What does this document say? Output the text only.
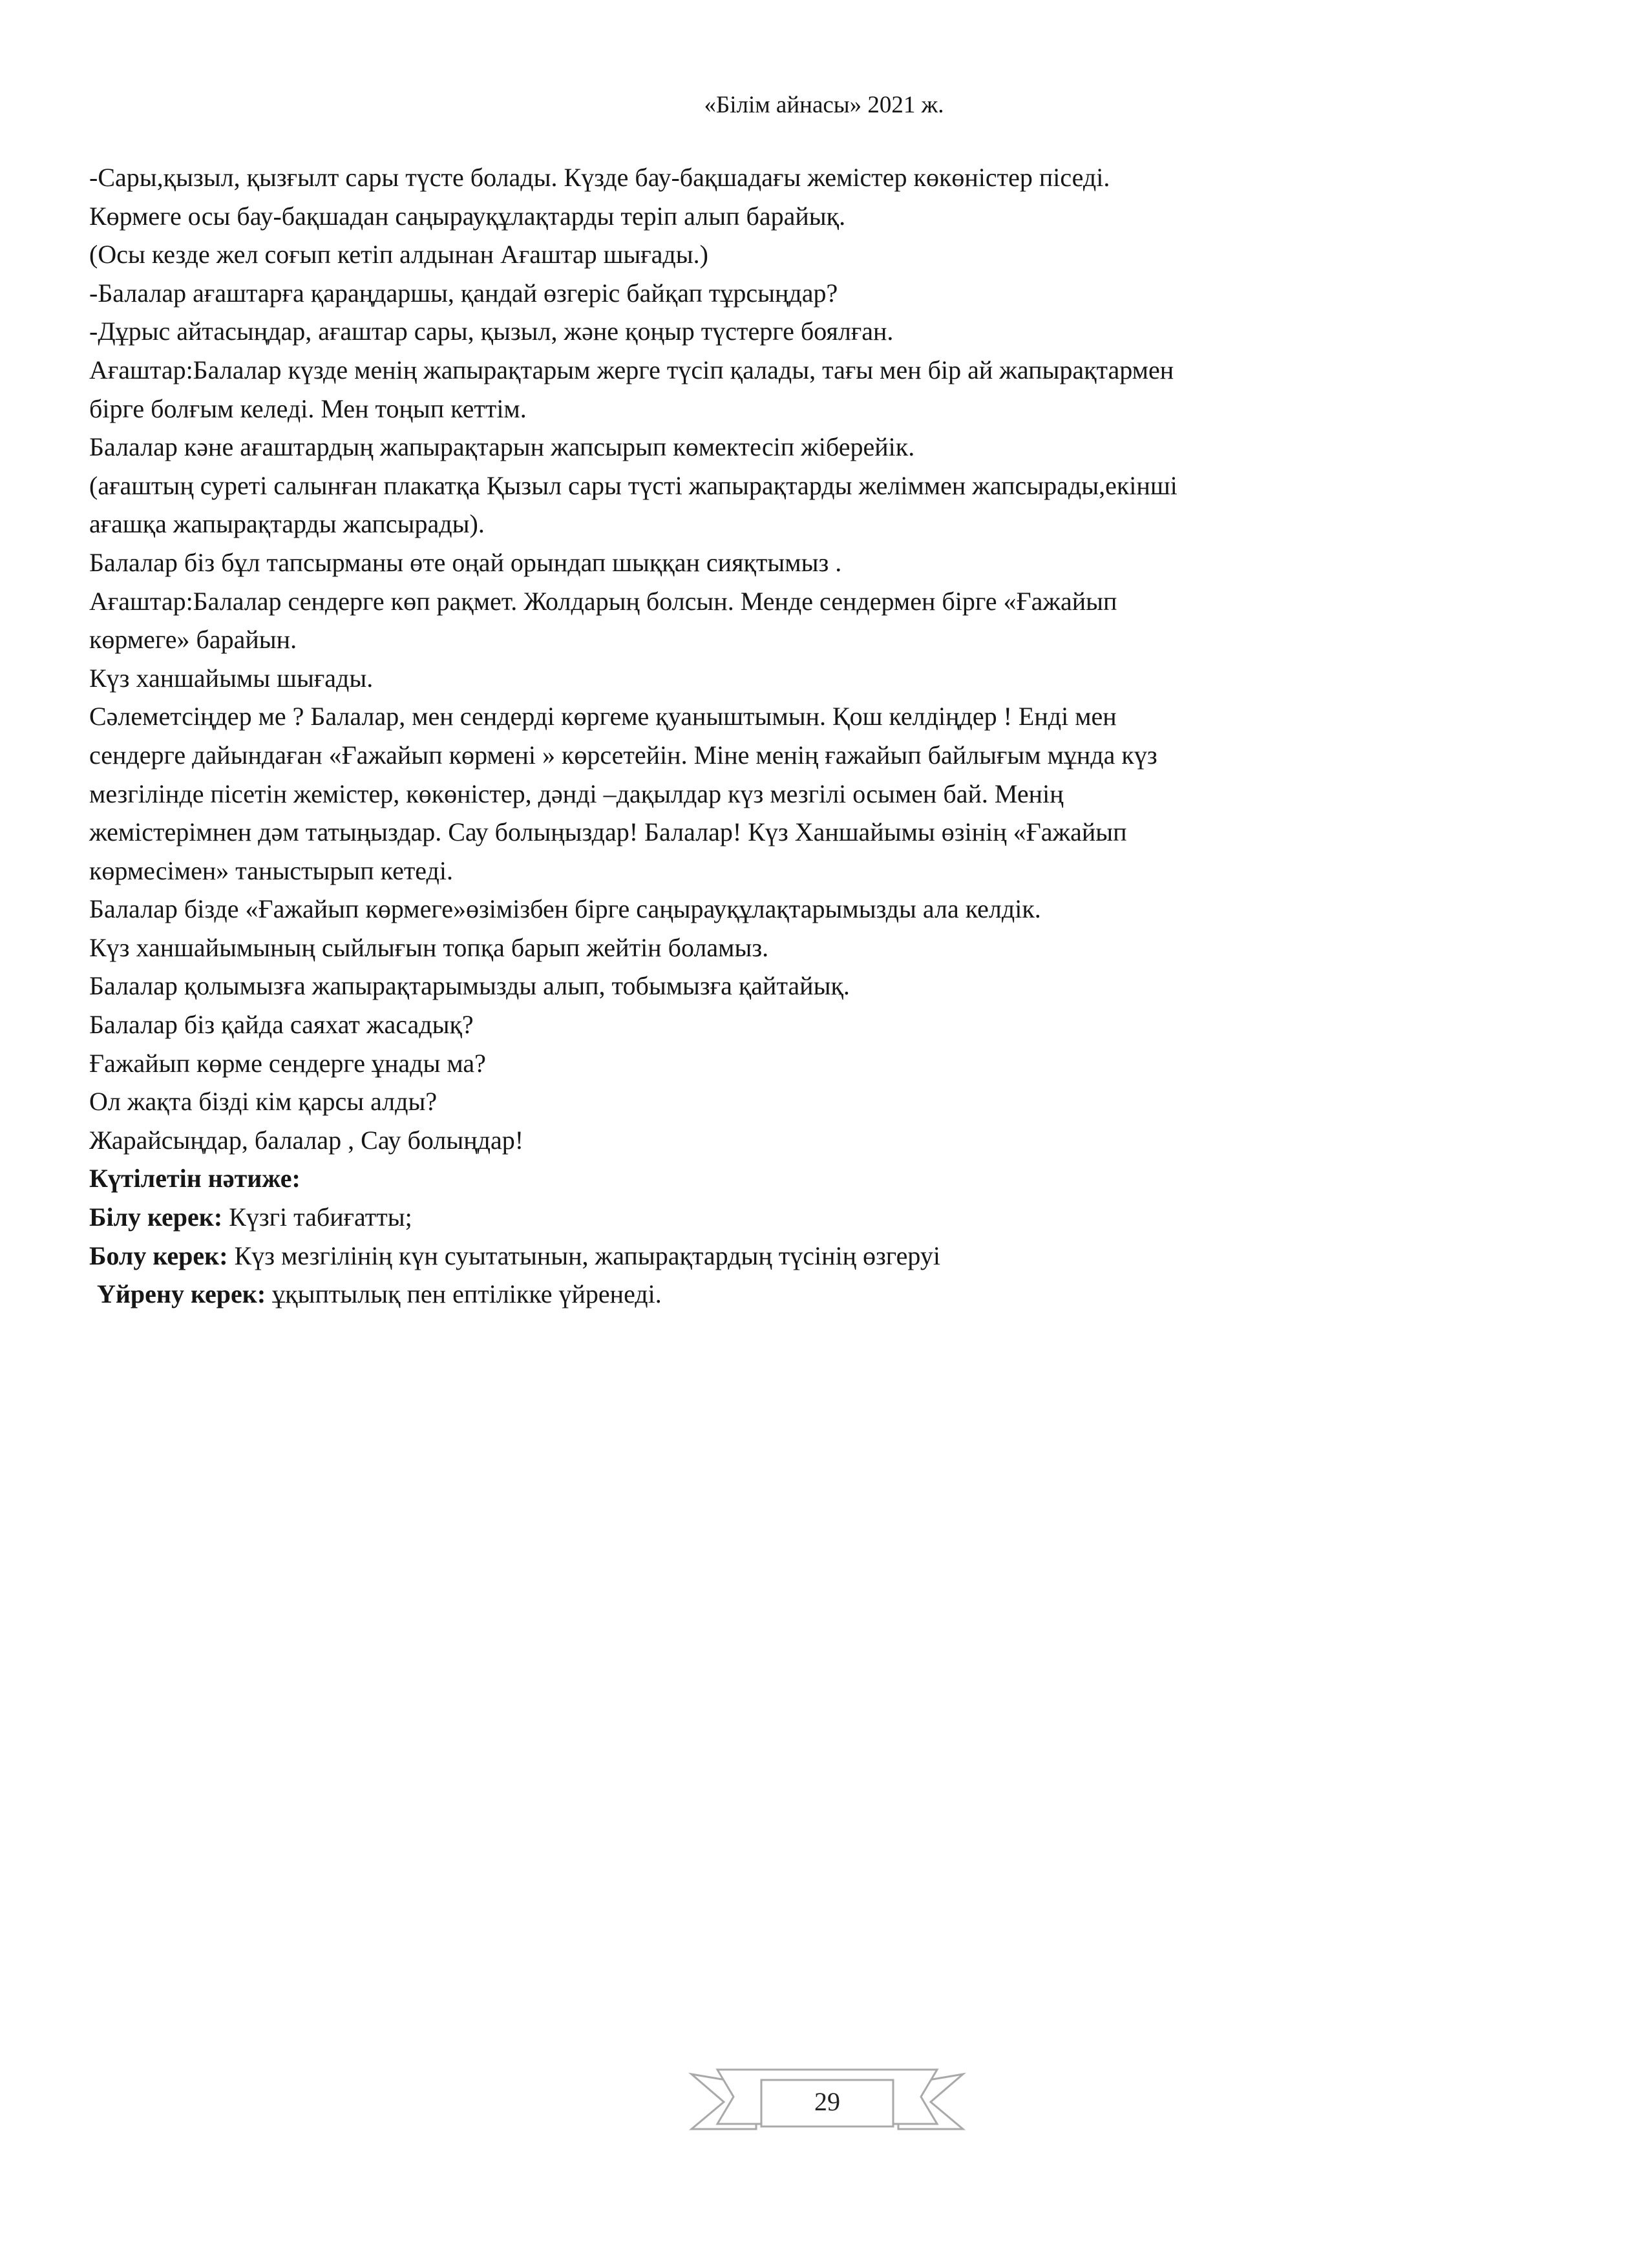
«Білім айнасы» 2021 ж.
-Сары,қызыл, қызғылт сары түсте болады. Күзде бау-бақшадағы жемістер көкөністер піседі.
Көрмеге осы бау-бақшадан саңырауқұлақтарды теріп алып барайық.
(Осы кезде жел соғып кетіп алдынан Ағаштар шығады.)
-Балалар ағаштарға қараңдаршы, қандай өзгеріс байқап тұрсыңдар?
-Дұрыс айтасыңдар, ағаштар сары, қызыл, және қоңыр түстерге боялған.
Ағаштар:Балалар күзде менің жапырақтарым жерге түсіп қалады, тағы мен бір ай жапырақтармен
бірге болғым келеді. Мен тоңып кеттім.
Балалар кәне ағаштардың жапырақтарын жапсырып көмектесіп жіберейік.
(ағаштың суреті салынған плакатқа Қызыл сары түсті жапырақтарды желіммен жапсырады,екінші
ағашқа жапырақтарды жапсырады).
Балалар біз бұл тапсырманы өте оңай орындап шыққан сияқтымыз .
Ағаштар:Балалар сендерге көп рақмет. Жолдарың болсын. Менде сендермен бірге «Ғажайып
көрмеге» барайын.
Күз ханшайымы шығады.
Сәлеметсіңдер ме ? Балалар, мен сендерді көргеме қуаныштымын. Қош келдіңдер ! Енді мен
сендерге дайындаған «Ғажайып көрмені » көрсетейін. Міне менің ғажайып байлығым мұнда күз
мезгілінде пісетін жемістер, көкөністер, дәнді –дақылдар күз мезгілі осымен бай. Менің
жемістерімнен дәм татыңыздар. Сау болыңыздар! Балалар! Күз Ханшайымы өзінің «Ғажайып
көрмесімен» таныстырып кетеді.
Балалар бізде «Ғажайып көрмеге»өзімізбен бірге саңырауқұлақтарымызды ала келдік.
Күз ханшайымының сыйлығын топқа барып жейтін боламыз.
Балалар қолымызға жапырақтарымызды алып, тобымызға қайтайық.
Балалар біз қайда саяхат жасадық?
Ғажайып көрме сендерге ұнады ма?
Ол жақта бізді кім қарсы алды?
Жарайсыңдар, балалар , Сау болыңдар!
Күтілетін нәтиже:
Білу керек: Күзгі табиғатты;
Болу керек: Күз мезгілінің күн суытатынын, жапырақтардың түсінің өзгеруі
Үйрену керек: ұқыптылық пен ептілікке үйренеді.
29
